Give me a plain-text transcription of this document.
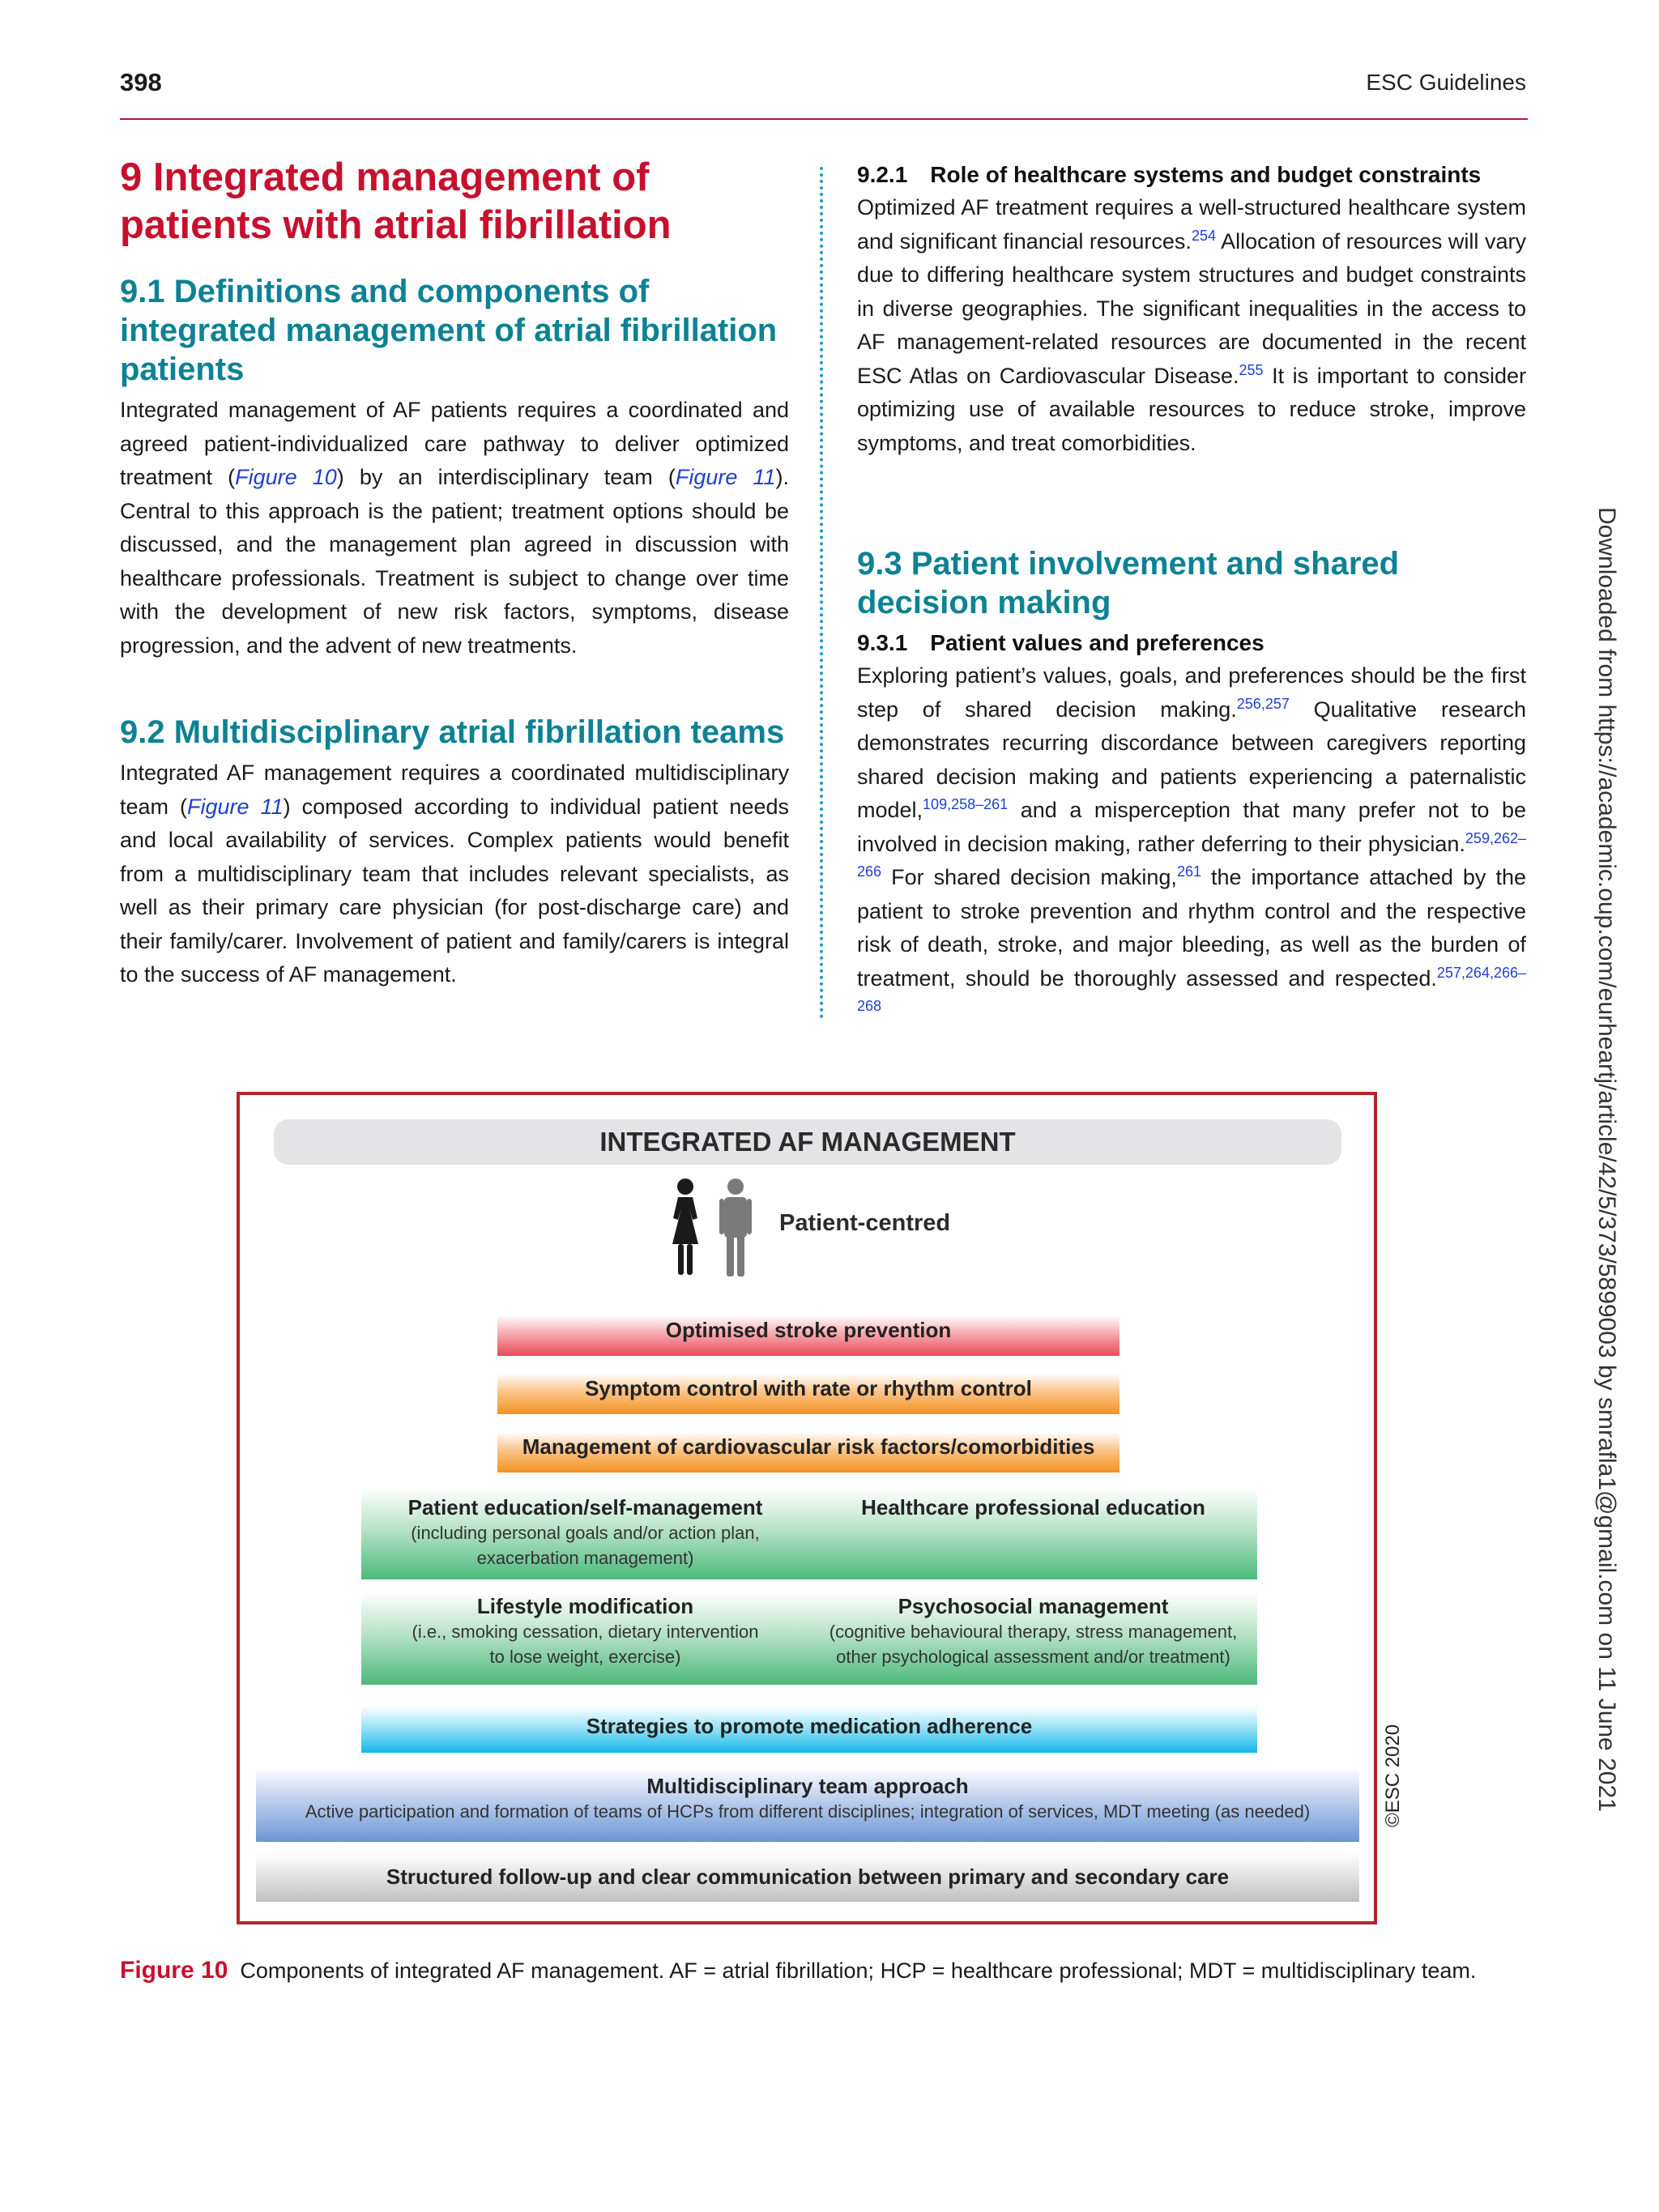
398	ESC Guidelines
9 Integrated management of patients with atrial fibrillation
9.1 Definitions and components of integrated management of atrial fibrillation patients

Integrated management of AF patients requires a coordinated and agreed patient-individualized care pathway to deliver optimized treatment (Figure 10) by an interdisciplinary team (Figure 11). Central to this approach is the patient; treatment options should be discussed, and the management plan agreed in discussion with healthcare professionals. Treatment is subject to change over time with the development of new risk factors, symptoms, disease progression, and the advent of new treatments.

9.2 Multidisciplinary atrial fibrillation teams

Integrated AF management requires a coordinated multidisciplinary team (Figure 11) composed according to individual patient needs and local availability of services. Complex patients would benefit from a multidisciplinary team that includes relevant specialists, as well as their primary care physician (for post-discharge care) and their family/carer. Involvement of patient and family/carers is integral to the success of AF management.

9.2.1  Role of healthcare systems and budget constraints

Optimized AF treatment requires a well-structured healthcare system and significant financial resources.$^{254}$ Allocation of resources will vary due to differing healthcare system structures and budget constraints in diverse geographies. The significant inequalities in the access to AF management-related resources are documented in the recent ESC Atlas on Cardiovascular Disease.$^{255}$ It is important to consider optimizing use of available resources to reduce stroke, improve symptoms, and treat comorbidities.

9.3 Patient involvement and shared decision making
9.3.1  Patient values and preferences

Exploring patient’s values, goals, and preferences should be the first step of shared decision making.$^{256,257}$ Qualitative research demonstrates recurring discordance between caregivers reporting shared decision making and patients experiencing a paternalistic model,$^{109,258-261}$ and a misperception that many prefer not to be involved in decision making, rather deferring to their physician.$^{259,262-266}$ For shared decision making,$^{261}$ the importance attached by the patient to stroke prevention and rhythm control and the respective risk of death, stroke, and major bleeding, as well as the burden of treatment, should be thoroughly assessed and respected.$^{257,264,266-268}$

INTEGRATED AF MANAGEMENT
Patient-centred
Optimised stroke prevention
Symptom control with rate or rhythm control
Management of cardiovascular risk factors/comorbidities
Patient education/self-management
(including personal goals and/or action plan,
exacerbation management)
Healthcare professional education
Lifestyle modification
(i.e., smoking cessation, dietary intervention
to lose weight, exercise)
Psychosocial management
(cognitive behavioural therapy, stress management,
other psychological assessment and/or treatment)
Strategies to promote medication adherence
Multidisciplinary team approach
Active participation and formation of teams of HCPs from different disciplines; integration of services, MDT meeting (as needed)
Structured follow-up and clear communication between primary and secondary care
©ESC 2020
Figure 10 Components of integrated AF management. AF = atrial fibrillation; HCP = healthcare professional; MDT = multidisciplinary team.
Downloaded from https://academic.oup.com/eurheartj/article/42/5/373/5899003 by smrafla1@gmail.com on 11 June 2021
